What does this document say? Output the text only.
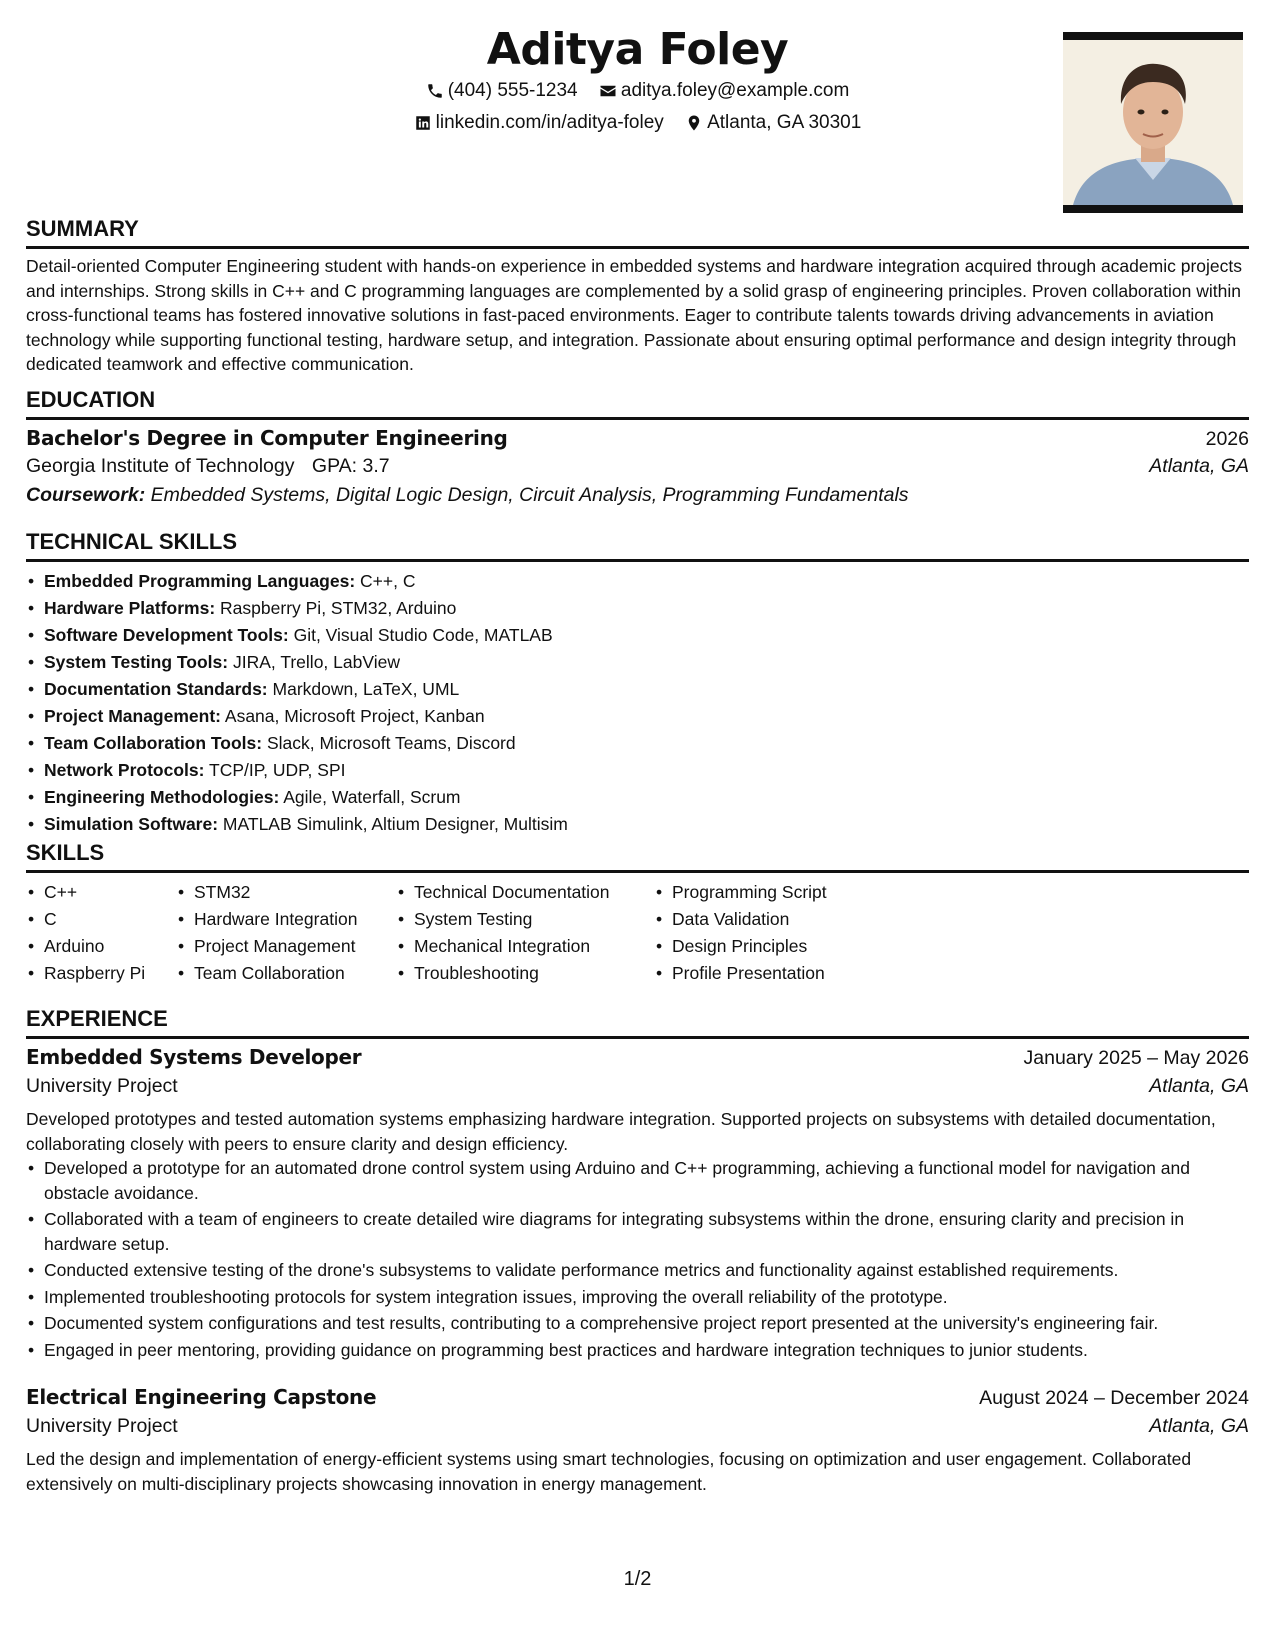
Aditya Foley
(404) 555-1234
aditya.foley@example.com
linkedin.com/in/aditya-foley
Atlanta, GA 30301
SUMMARY
Detail-oriented Computer Engineering student with hands-on experience in embedded systems and hardware integration acquired through academic projects and internships. Strong skills in C++ and C programming languages are complemented by a solid grasp of engineering principles. Proven collaboration within cross-functional teams has fostered innovative solutions in fast-paced environments. Eager to contribute talents towards driving advancements in aviation technology while supporting functional testing, hardware setup, and integration. Passionate about ensuring optimal performance and design integrity through dedicated teamwork and effective communication.
EDUCATION
Bachelor's Degree in Computer Engineering	2026
Georgia Institute of Technology GPA: 3.7	Atlanta, GA
Coursework: Embedded Systems, Digital Logic Design, Circuit Analysis, Programming Fundamentals
TECHNICAL SKILLS
• Embedded Programming Languages: C++, C
• Hardware Platforms: Raspberry Pi, STM32, Arduino
• Software Development Tools: Git, Visual Studio Code, MATLAB
• System Testing Tools: JIRA, Trello, LabView
• Documentation Standards: Markdown, LaTeX, UML
• Project Management: Asana, Microsoft Project, Kanban
• Team Collaboration Tools: Slack, Microsoft Teams, Discord
• Network Protocols: TCP/IP, UDP, SPI
• Engineering Methodologies: Agile, Waterfall, Scrum
• Simulation Software: MATLAB Simulink, Altium Designer, Multisim
SKILLS
• C++
• C
• Arduino
• Raspberry Pi
• STM32
• Hardware Integration
• Project Management
• Team Collaboration
• Technical Documentation
• System Testing
• Mechanical Integration
• Troubleshooting
• Programming Script
• Data Validation
• Design Principles
• Profile Presentation
EXPERIENCE
Embedded Systems Developer	January 2025 – May 2026
University Project	Atlanta, GA
Developed prototypes and tested automation systems emphasizing hardware integration. Supported projects on subsystems with detailed documentation, collaborating closely with peers to ensure clarity and design efficiency.
• Developed a prototype for an automated drone control system using Arduino and C++ programming, achieving a functional model for navigation and obstacle avoidance.
• Collaborated with a team of engineers to create detailed wire diagrams for integrating subsystems within the drone, ensuring clarity and precision in hardware setup.
• Conducted extensive testing of the drone's subsystems to validate performance metrics and functionality against established requirements.
• Implemented troubleshooting protocols for system integration issues, improving the overall reliability of the prototype.
• Documented system configurations and test results, contributing to a comprehensive project report presented at the university's engineering fair.
• Engaged in peer mentoring, providing guidance on programming best practices and hardware integration techniques to junior students.
Electrical Engineering Capstone	August 2024 – December 2024
University Project	Atlanta, GA
Led the design and implementation of energy-efficient systems using smart technologies, focusing on optimization and user engagement. Collaborated extensively on multi-disciplinary projects showcasing innovation in energy management.
1/2
